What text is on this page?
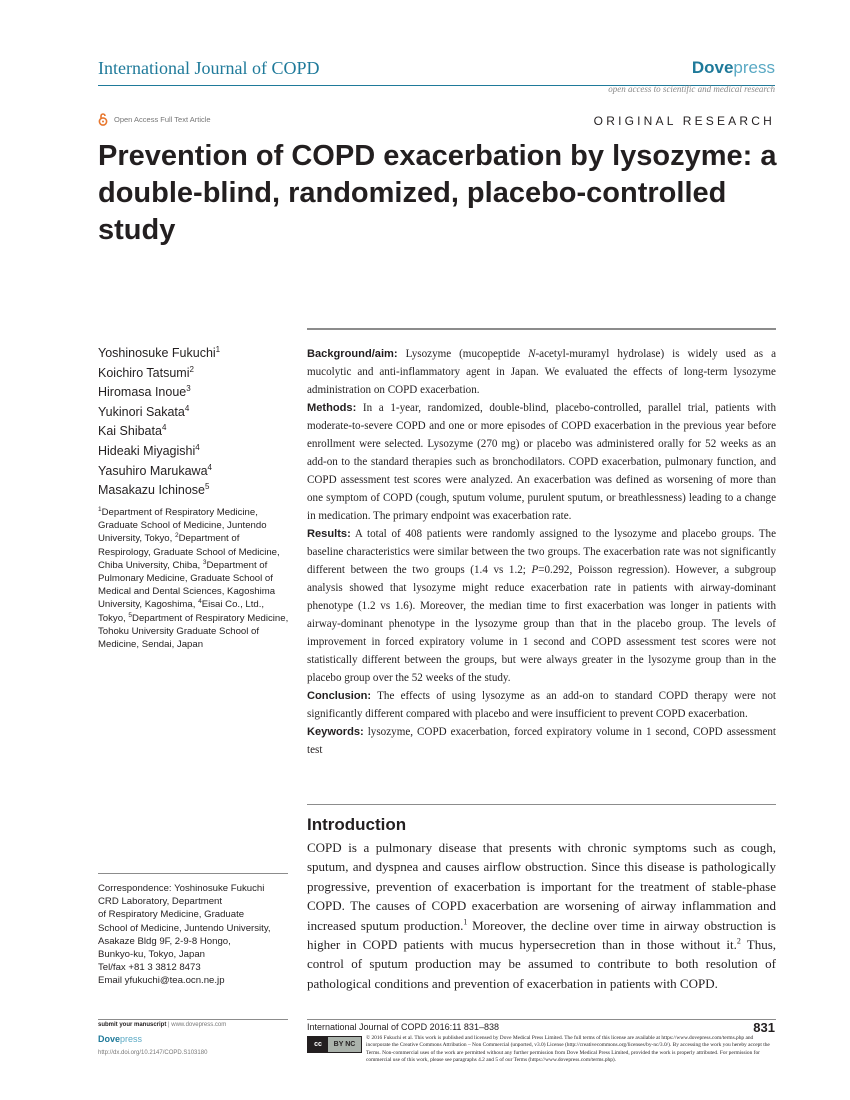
International Journal of COPD	Dovepress
open access to scientific and medical research
Open Access Full Text Article	ORIGINAL RESEARCH
Prevention of COPD exacerbation by lysozyme: a double-blind, randomized, placebo-controlled study
Yoshinosuke Fukuchi$^1$
Koichiro Tatsumi$^2$
Hiromasa Inoue$^3$
Yukinori Sakata$^4$
Kai Shibata$^4$
Hideaki Miyagishi$^4$
Yasuhiro Marukawa$^4$
Masakazu Ichinose$^5$
$^1$Department of Respiratory Medicine, Graduate School of Medicine, Juntendo University, Tokyo, $^2$Department of Respirology, Graduate School of Medicine, Chiba University, Chiba, $^3$Department of Pulmonary Medicine, Graduate School of Medical and Dental Sciences, Kagoshima University, Kagoshima, $^4$Eisai Co., Ltd., Tokyo, $^5$Department of Respiratory Medicine, Tohoku University Graduate School of Medicine, Sendai, Japan
Correspondence: Yoshinosuke Fukuchi
CRD Laboratory, Department
of Respiratory Medicine, Graduate
School of Medicine, Juntendo University,
Asakaze Bldg 9F, 2-9-8 Hongo,
Bunkyo-ku, Tokyo, Japan
Tel/fax +81 3 3812 8473
Email yfukuchi@tea.ocn.ne.jp

Background/aim: Lysozyme (mucopeptide N-acetyl-muramyl hydrolase) is widely used as a mucolytic and anti-inflammatory agent in Japan. We evaluated the effects of long-term lysozyme administration on COPD exacerbation.

Methods: In a 1-year, randomized, double-blind, placebo-controlled, parallel trial, patients with moderate-to-severe COPD and one or more episodes of COPD exacerbation in the previous year before enrollment were selected. Lysozyme (270 mg) or placebo was administered orally for 52 weeks as an add-on to the standard therapies such as bronchodilators. COPD exacerbation, pulmonary function, and COPD assessment test scores were analyzed. An exacerbation was defined as worsening of more than one symptom of COPD (cough, sputum volume, purulent sputum, or breathlessness) leading to a change in medication. The primary endpoint was exacerbation rate.

Results: A total of 408 patients were randomly assigned to the lysozyme and placebo groups. The baseline characteristics were similar between the two groups. The exacerbation rate was not significantly different between the two groups (1.4 vs 1.2; P=0.292, Poisson regression). However, a subgroup analysis showed that lysozyme might reduce exacerbation rate in patients with airway-dominant phenotype (1.2 vs 1.6). Moreover, the median time to first exacerbation was longer in patients with airway-dominant phenotype in the lysozyme group than that in the placebo group. The levels of improvement in forced expiratory volume in 1 second and COPD assessment test scores were not statistically different between the groups, but were always greater in the lysozyme group than in the placebo group over the 52 weeks of the study.

Conclusion: The effects of using lysozyme as an add-on to standard COPD therapy were not significantly different compared with placebo and were insufficient to prevent COPD exacerbation.

Keywords: lysozyme, COPD exacerbation, forced expiratory volume in 1 second, COPD assessment test

Introduction

COPD is a pulmonary disease that presents with chronic symptoms such as cough, sputum, and dyspnea and causes airflow obstruction. Since this disease is pathologically progressive, prevention of exacerbation is important for the treatment of stable-phase COPD. The causes of COPD exacerbation are worsening of airway inflammation and increased sputum production.$^1$ Moreover, the decline over time in airway obstruction is higher in COPD patients with mucus hypersecretion than in those without it.$^2$ Thus, control of sputum production may be assumed to contribute to both resolution of pathological conditions and prevention of exacerbation in patients with COPD.

submit your manuscript | www.dovepress.com
Dovepress
http://dx.doi.org/10.2147/COPD.S103180
International Journal of COPD 2016:11 831–838	831
cc	BY NC
© 2016 Fukuchi et al. This work is published and licensed by Dove Medical Press Limited. The full terms of this license are available at https://www.dovepress.com/terms.php and incorporate the Creative Commons Attribution – Non Commercial (unported, v3.0) License (http://creativecommons.org/licenses/by-nc/3.0/). By accessing the work you hereby accept the Terms. Non-commercial uses of the work are permitted without any further permission from Dove Medical Press Limited, provided the work is properly attributed. For permission for commercial use of this work, please see paragraphs 4.2 and 5 of our Terms (https://www.dovepress.com/terms.php).
